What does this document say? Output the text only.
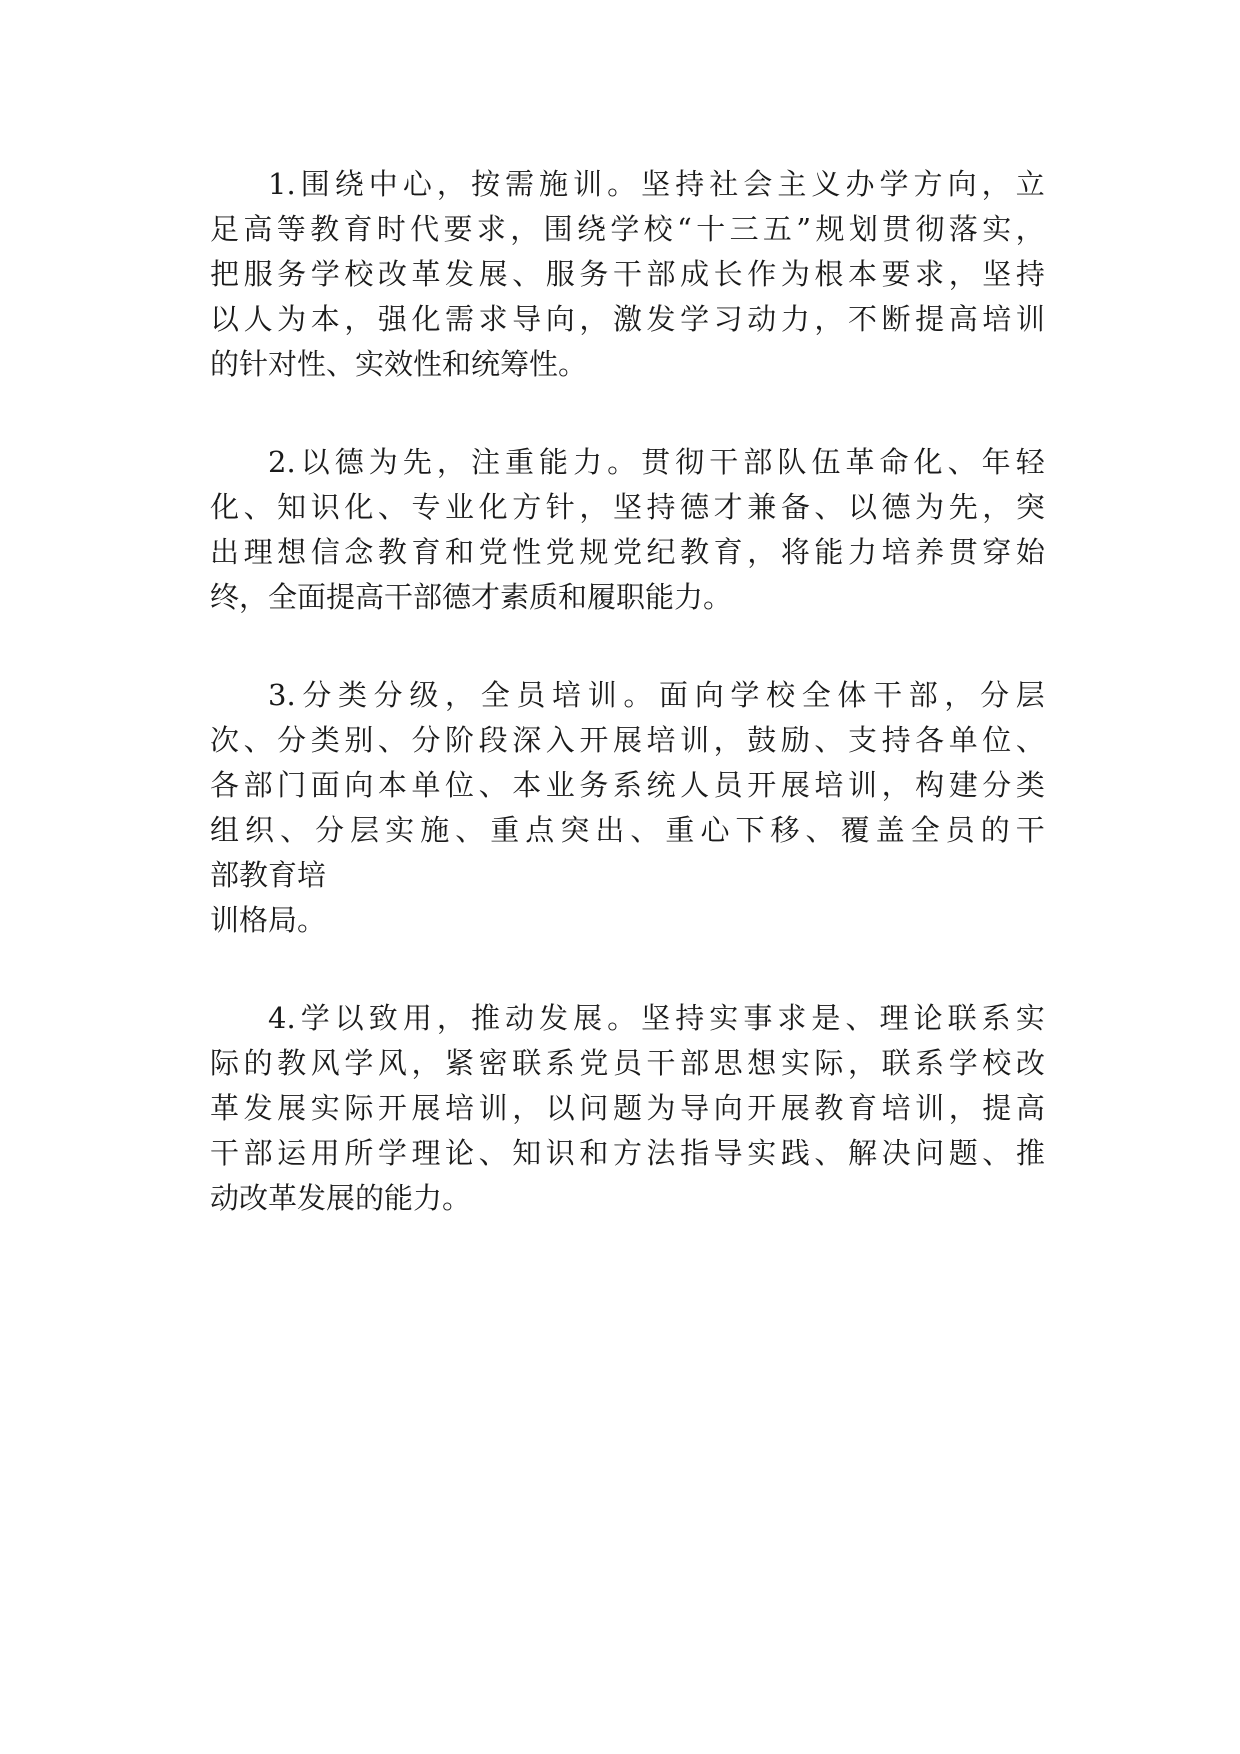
1. 围 绕 中 心 ， 按 需 施 训 。 坚 持 社 会 主 义 办 学 方 向 ， 立
足 高 等 教 育 时 代 要 求 ， 围 绕 学 校 “ 十 三 五 ” 规 划 贯 彻 落 实 ，
把 服 务 学 校 改 革 发 展 、 服 务 干 部 成 长 作 为 根 本 要 求 ， 坚 持
以 人 为 本 ， 强 化 需 求 导 向 ， 激 发 学 习 动 力 ， 不 断 提 高 培 训
的针对性、实效性和统筹性。
2. 以 德 为 先 ， 注 重 能 力 。 贯 彻 干 部 队 伍 革 命 化 、 年 轻
化 、 知 识 化 、 专 业 化 方 针 ， 坚 持 德 才 兼 备 、 以 德 为 先 ， 突
出 理 想 信 念 教 育 和 党 性 党 规 党 纪 教 育 ， 将 能 力 培 养 贯 穿 始
终，全面提高干部德才素质和履职能力。
3. 分 类 分 级 ， 全 员 培 训 。 面 向 学 校 全 体 干 部 ， 分 层
次 、 分 类 别 、 分 阶 段 深 入 开 展 培 训 ， 鼓 励 、 支 持 各 单 位 、
各 部 门 面 向 本 单 位 、 本 业 务 系 统 人 员 开 展 培 训 ， 构 建 分 类
组 织 、 分 层 实 施 、 重 点 突 出 、 重 心 下 移 、 覆 盖 全 员 的 干
部教育培
训格局。
4. 学 以 致 用 ， 推 动 发 展 。 坚 持 实 事 求 是 、 理 论 联 系 实
际 的 教 风 学 风 ， 紧 密 联 系 党 员 干 部 思 想 实 际 ， 联 系 学 校 改
革 发 展 实 际 开 展 培 训 ， 以 问 题 为 导 向 开 展 教 育 培 训 ， 提 高
干 部 运 用 所 学 理 论 、 知 识 和 方 法 指 导 实 践 、 解 决 问 题 、 推
动改革发展的能力。
